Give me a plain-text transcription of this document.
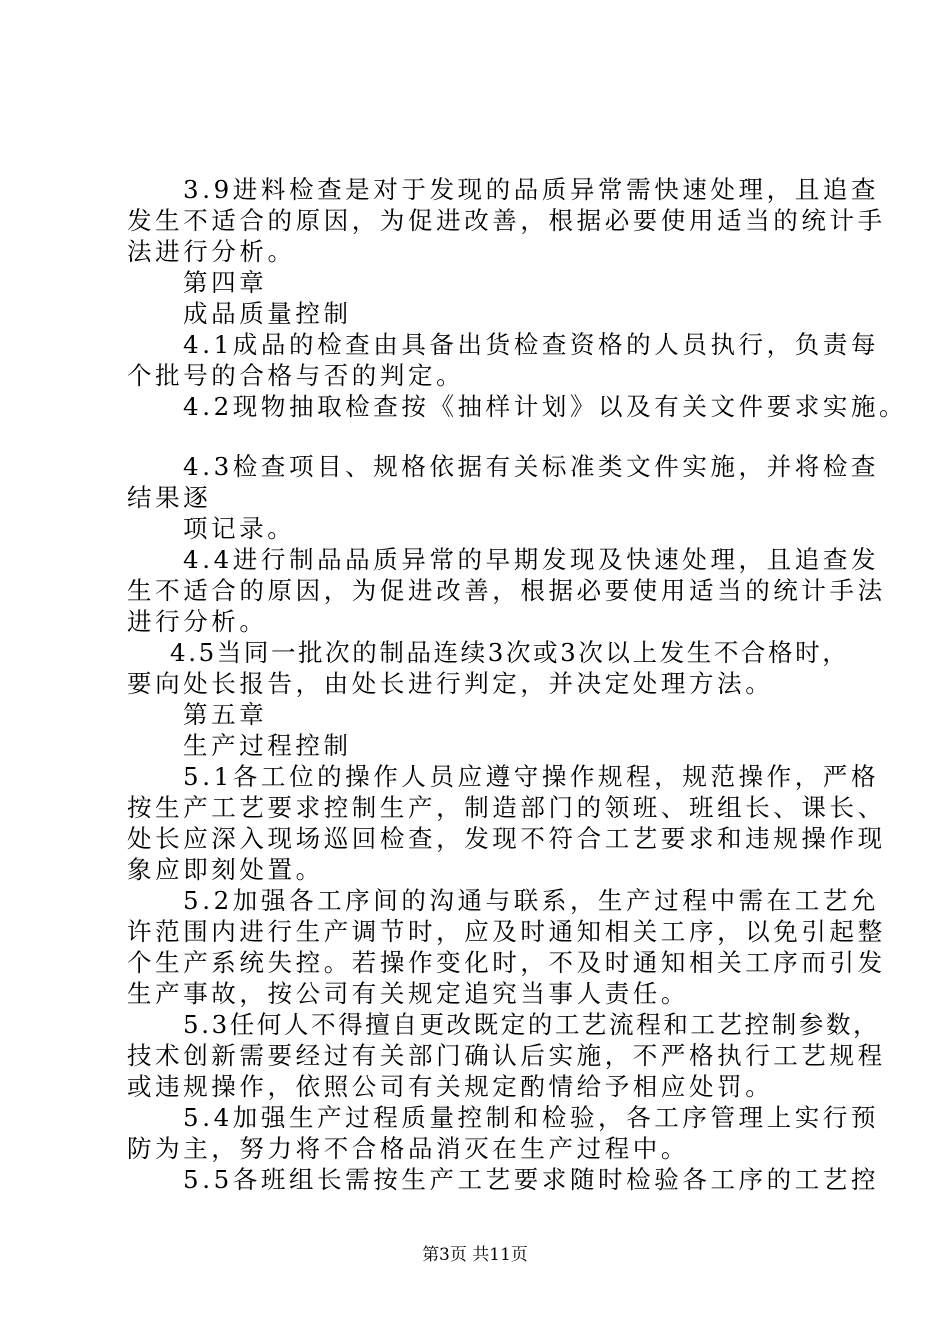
3.9进料检查是对于发现的品质异常需快速处理，且追查
发生不适合的原因，为促进改善，根据必要使用适当的统计手
法进行分析。
第四章
成品质量控制
4.1成品的检查由具备出货检查资格的人员执行，负责每
个批号的合格与否的判定。
4.2现物抽取检查按《抽样计划》以及有关文件要求实施。
4.3检查项目、规格依据有关标准类文件实施，并将检查
结果逐
项记录。
4.4进行制品品质异常的早期发现及快速处理，且追查发
生不适合的原因，为促进改善，根据必要使用适当的统计手法
进行分析。
4.5当同一批次的制品连续3次或3次以上发生不合格时，
要向处长报告，由处长进行判定，并决定处理方法。
第五章
生产过程控制
5.1各工位的操作人员应遵守操作规程，规范操作，严格
按生产工艺要求控制生产，制造部门的领班、班组长、课长、
处长应深入现场巡回检查，发现不符合工艺要求和违规操作现
象应即刻处置。
5.2加强各工序间的沟通与联系，生产过程中需在工艺允
许范围内进行生产调节时，应及时通知相关工序，以免引起整
个生产系统失控。若操作变化时，不及时通知相关工序而引发
生产事故，按公司有关规定追究当事人责任。
5.3任何人不得擅自更改既定的工艺流程和工艺控制参数，
技术创新需要经过有关部门确认后实施，不严格执行工艺规程
或违规操作，依照公司有关规定酌情给予相应处罚。
5.4加强生产过程质量控制和检验，各工序管理上实行预
防为主，努力将不合格品消灭在生产过程中。
5.5各班组长需按生产工艺要求随时检验各工序的工艺控
第3页 共11页
